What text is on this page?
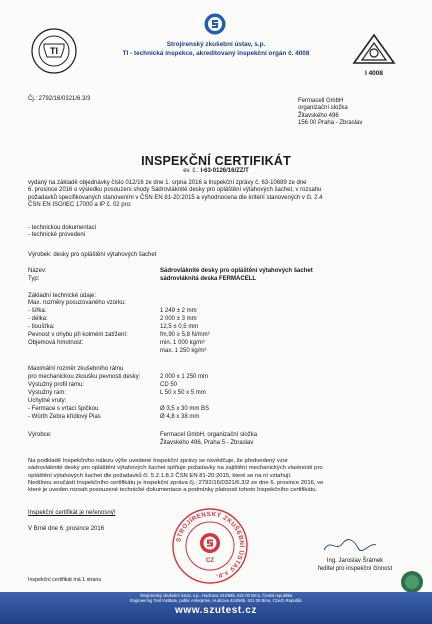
TI
I 4008
Strojírenský zkušební ústav, s.p.
TI - technická inspekce, akreditovaný inspekční orgán č. 4008
Čj.: 2792/16/0321/6.3/3	Fermacell GmbH
organizační složka
Žitavského 496
156 00 Praha - Zbraslav
INSPEKČNÍ CERTIFIKÁT
ev. č.: I-63-0126/16/ZZ/T
vydaný na základě objednávky číslo 012/16 ze dne 1. srpna 2016 a Inspekční zprávy č. 63-10689 ze dne
6. prosince 2016 o výsledku posouzení shody Sádrovláknité desky pro opláštění výtahových šachet, v rozsahu
požadavků specifikovaných stanovením v ČSN EN 81-20:2015 a vyhodnocena dle kritérií stanovených v čl. 2.4
ČSN EN ISO/IEC 17000 a IP č. 02 pro:
- technickou dokumentaci
- technické provedení
Výrobek: desky pro opláštění výtahových šachet
Název:	Sádrovláknité desky pro opláštění výtahových šachet
Typ:	sádrovláknitá deska FERMACELL
Základní technické údaje:
Max. rozměry posuzovaného vzorku:
- šířka:	1 249 ± 2 mm
- délka:	2 000 ± 3 mm
- tloušťka:	12,5 ± 0,5 mm
Pevnost v ohybu při kolmém zatížení:	fm,90 ≥ 5,8 N/mm²
Objemová hmotnost:	min. 1 000 kg/m³
max. 1 250 kg/m³
Maximální rozměr zkušebního rámu
pro mechanickou zkoušku pevnosti desky:	2 000 x 1 250 mm
Výstužný profil rámu:	CD 50
Výstužný rám:	L 50 x 50 x 5 mm
Uchytné vruty:
- Fermace s vrtací špičkou	Ø 3,5 x 30 mm BS
- Würth Zebra křídlový Pias	Ø 4,8 x 38 mm
Výrobce:	Fermacel GmbH, organizační složka
Žitavského 496, Praha 5 - Zbraslav
Na podkladě Inspekčního nálezu výše uvedené Inspekční zprávy se osvědčuje, že předvedený vzor
sádrovláknité desky pro opláštění výtahových šachet splňuje požadavky na zajištění mechanických vlastností pro
opláštění výtahových šachet dle požadavků čl. 5.2.1.8.2 ČSN EN 81-20:2015, které se na ní vztahují.
Nedílnou součástí Inspekčního certifikátu je Inspekční zpráva čj.: 2792/16/0321/6.3/2 ze dne 6. prosince 2016, ve
které je uveden rozsah posouzené technické dokumentace a podmínky platnosti tohoto Inspekčního certifikátu.
Inspekční certifikát je neřenosný!
V Brně dne 6. prosince 2016
STROJÍRENSKÝ ZKUŠEBNÍ ÚSTAV s.p.
CZ	Ing. Jaroslav Šrámek
ředitel pro inspekční činnost
Inspekční certifikát má 1 stranu
Strojírenský zkušební ústav, s.p., Hudcova 424/56b, 621 00 Brno, Česká republika
Engineering Test Institute, public enterprise, Hudcova 424/56b, 621 00 Brno, Czech Republic
www.szutest.cz
